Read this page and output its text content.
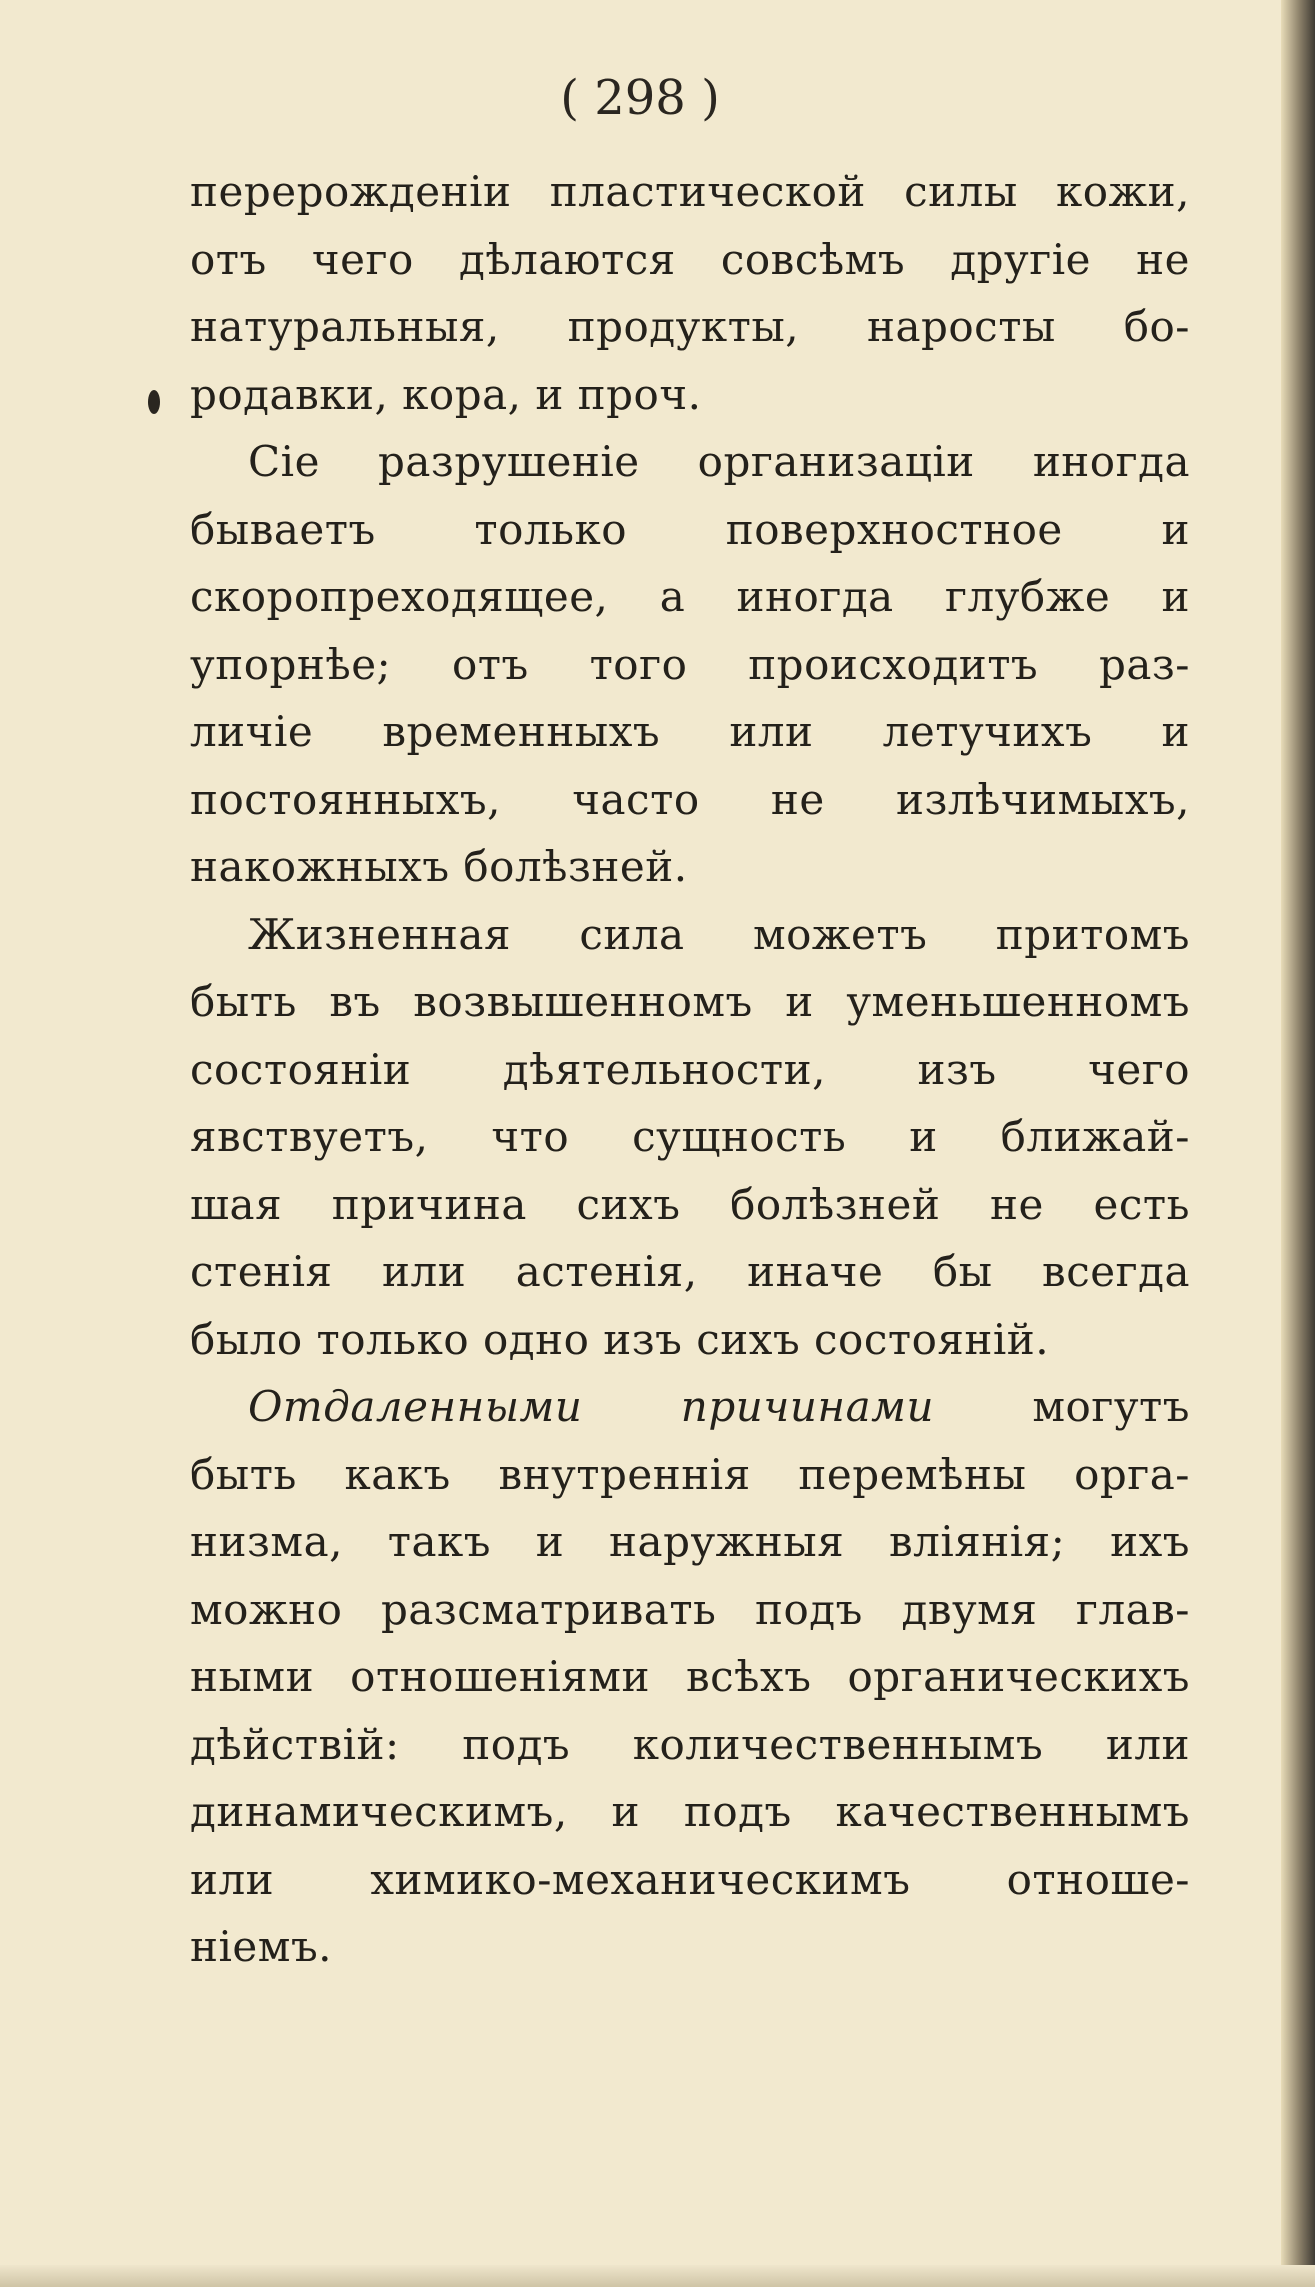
( 298 )
перерожденіи пластической силы кожи,
отъ чего дѣлаются совсѣмъ другіе не
натуральныя, продукты, наросты бо-
родавки, кора, и проч.
Сіе разрушеніе организаціи иногда
бываетъ только поверхностное и
скоропреходящее, а иногда глубже и
упорнѣе; отъ того происходитъ раз-
личіе временныхъ или летучихъ и
постоянныхъ, часто не излѣчимыхъ,
накожныхъ болѣзней.
Жизненная сила можетъ притомъ
быть въ возвышенномъ и уменьшенномъ
состояніи дѣятельности, изъ чего
явствуетъ, что сущность и ближай-
шая причина сихъ болѣзней не есть
стенія или астенія, иначе бы всегда
было только одно изъ сихъ состояній.
Отдаленными причинами могутъ
быть какъ внутреннія перемѣны орга-
низма, такъ и наружныя вліянія; ихъ
можно разсматривать подъ двумя глав-
ными отношеніями всѣхъ органическихъ
дѣйствій: подъ количественнымъ или
динамическимъ, и подъ качественнымъ
или химико-механическимъ отноше-
ніемъ.
